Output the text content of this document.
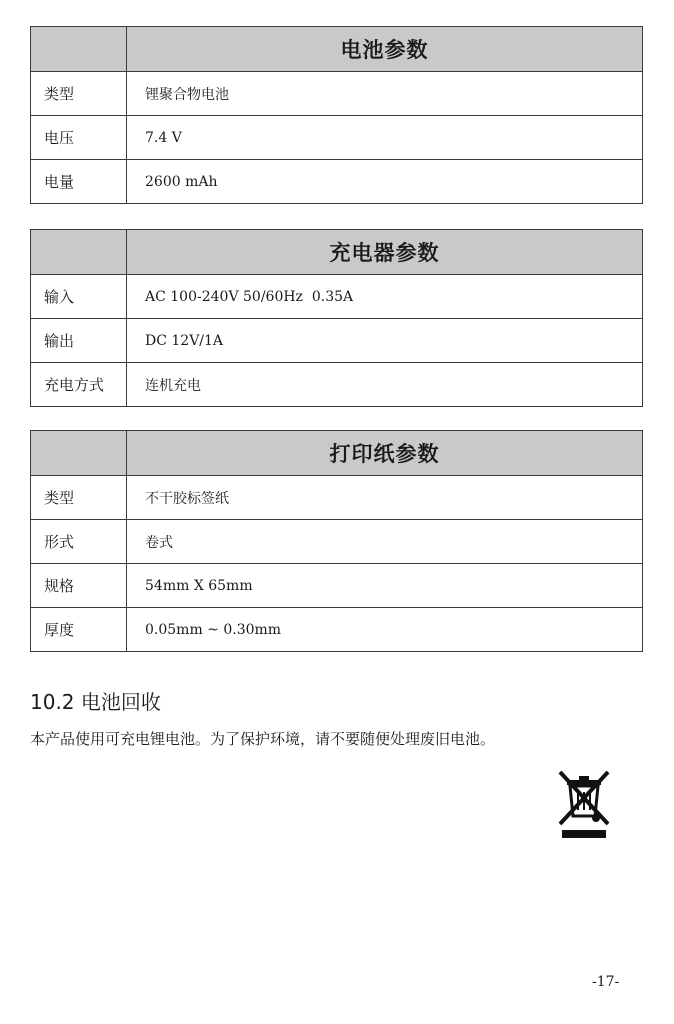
	电池参数
类型	锂聚合物电池
电压	7.4 V
电量	2600 mAh
	充电器参数
输入	AC 100-240V 50/60Hz  0.35A
输出	DC 12V/1A
充电方式	连机充电
	打印纸参数
类型	不干胶标签纸
形式	卷式
规格	54mm X 65mm
厚度	0.05mm ~ 0.30mm
10.2 电池回收
本产品使用可充电锂电池。为了保护环境，请不要随便处理废旧电池。
-17-
